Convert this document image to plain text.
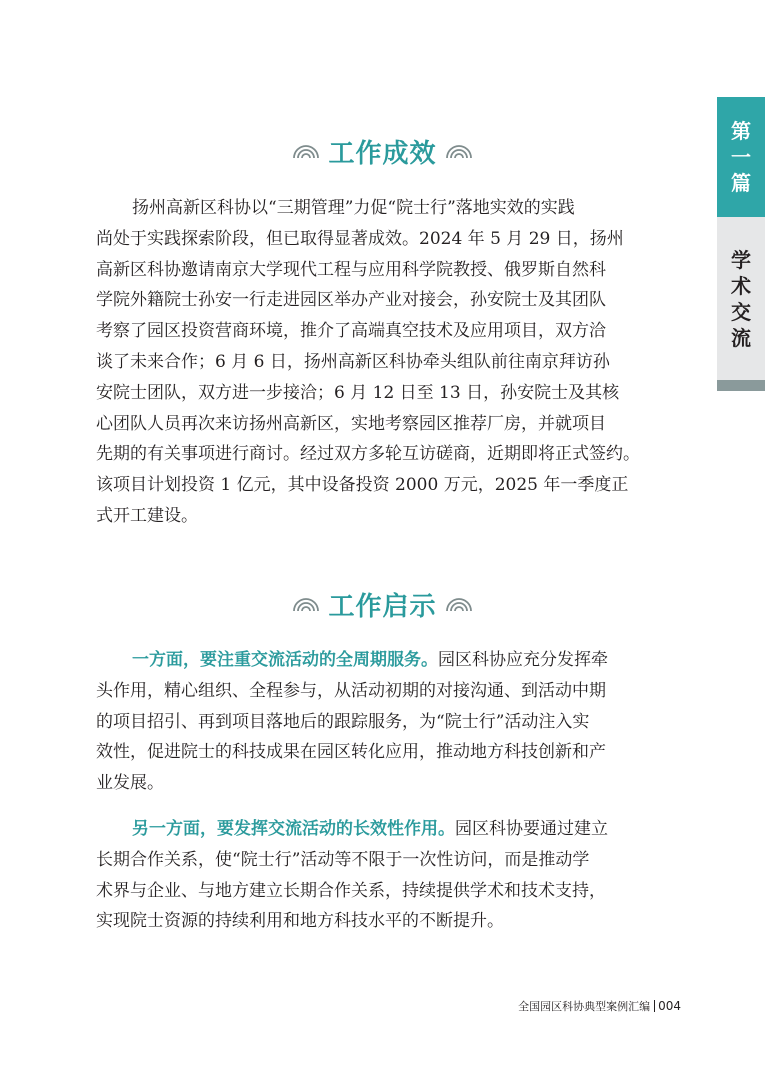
第
一
篇
学
术
交
流
工作成效
扬州高新区科协以“三期管理”力促“院士行”落地实效的实践
尚处于实践探索阶段，但已取得显著成效。2024 年 5 月 29 日，扬州
高新区科协邀请南京大学现代工程与应用科学院教授、俄罗斯自然科
学院外籍院士孙安一行走进园区举办产业对接会，孙安院士及其团队
考察了园区投资营商环境，推介了高端真空技术及应用项目，双方洽
谈了未来合作；6 月 6 日，扬州高新区科协牵头组队前往南京拜访孙
安院士团队，双方进一步接洽；6 月 12 日至 13 日，孙安院士及其核
心团队人员再次来访扬州高新区，实地考察园区推荐厂房，并就项目
先期的有关事项进行商讨。经过双方多轮互访磋商，近期即将正式签约。
该项目计划投资 1 亿元，其中设备投资 2000 万元，2025 年一季度正
式开工建设。
工作启示
一方面，要注重交流活动的全周期服务。园区科协应充分发挥牵
头作用，精心组织、全程参与，从活动初期的对接沟通、到活动中期
的项目招引、再到项目落地后的跟踪服务，为“院士行”活动注入实
效性，促进院士的科技成果在园区转化应用，推动地方科技创新和产
业发展。
另一方面，要发挥交流活动的长效性作用。园区科协要通过建立
长期合作关系，使“院士行”活动等不限于一次性访问，而是推动学
术界与企业、与地方建立长期合作关系，持续提供学术和技术支持，
实现院士资源的持续利用和地方科技水平的不断提升。
全国园区科协典型案例汇编 004
